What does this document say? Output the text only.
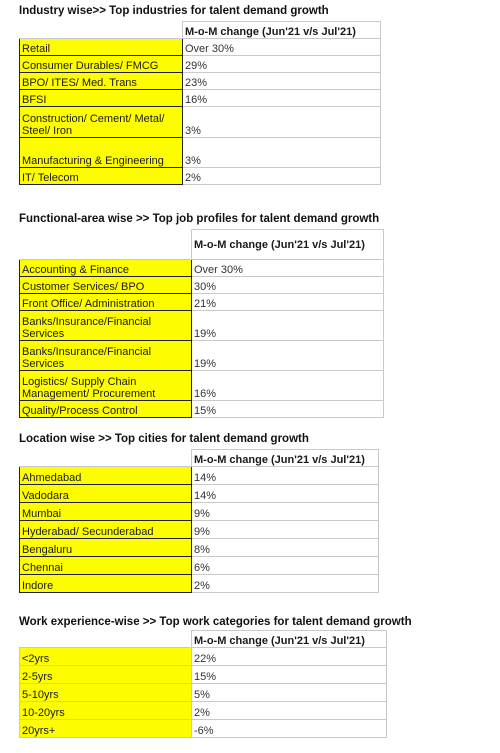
Industry wise>> Top industries for talent demand growth
	M-o-M change (Jun'21 v/s Jul'21)
Retail	Over 30%
Consumer Durables/ FMCG	29%
BPO/ ITES/ Med. Trans	23%
BFSI	16%
Construction/ Cement/ Metal/ Steel/ Iron	3%
Manufacturing & Engineering	3%
IT/ Telecom	2%
Functional-area wise >> Top job profiles for talent demand growth
	M-o-M change (Jun'21 v/s Jul'21)
Accounting & Finance	Over 30%
Customer Services/ BPO	30%
Front Office/ Administration	21%
Banks/Insurance/Financial Services	19%
Banks/Insurance/Financial Services	19%
Logistics/ Supply Chain Management/ Procurement	16%
Quality/Process Control	15%
Location wise >> Top cities for talent demand growth
	M-o-M change (Jun'21 v/s Jul'21)
Ahmedabad	14%
Vadodara	14%
Mumbai	9%
Hyderabad/ Secunderabad	9%
Bengaluru	8%
Chennai	6%
Indore	2%
Work experience-wise >> Top work categories for talent demand growth
	M-o-M change (Jun'21 v/s Jul'21)
<2yrs	22%
2-5yrs	15%
5-10yrs	5%
10-20yrs	2%
20yrs+	-6%
